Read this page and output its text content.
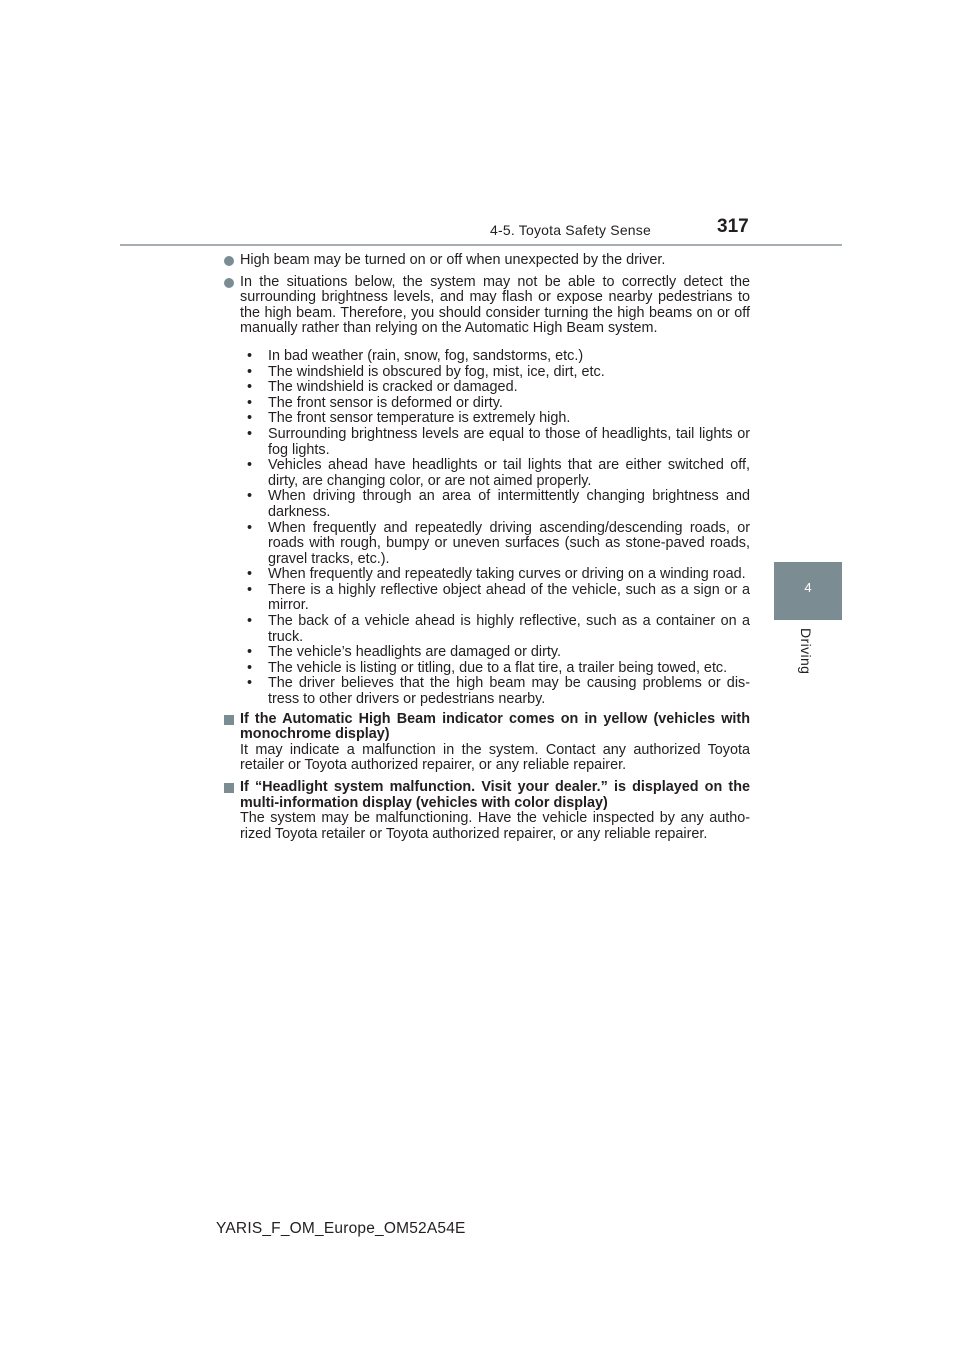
4-5. Toyota Safety Sense	317
4
Driving
High beam may be turned on or off when unexpected by the driver.
In the situations below, the system may not be able to correctly detect the surrounding brightness levels, and may flash or expose nearby pedestrians to the high beam. Therefore, you should consider turning the high beams on or off manually rather than relying on the Automatic High Beam system.
• In bad weather (rain, snow, fog, sandstorms, etc.)
• The windshield is obscured by fog, mist, ice, dirt, etc.
• The windshield is cracked or damaged.
• The front sensor is deformed or dirty.
• The front sensor temperature is extremely high.
• Surrounding brightness levels are equal to those of headlights, tail lights or fog lights.
• Vehicles ahead have headlights or tail lights that are either switched off, dirty, are changing color, or are not aimed properly.
• When driving through an area of intermittently changing brightness and darkness.
• When frequently and repeatedly driving ascending/descending roads, or roads with rough, bumpy or uneven surfaces (such as stone-paved roads, gravel tracks, etc.).
• When frequently and repeatedly taking curves or driving on a winding road.
• There is a highly reflective object ahead of the vehicle, such as a sign or a mirror.
• The back of a vehicle ahead is highly reflective, such as a container on a truck.
• The vehicle’s headlights are damaged or dirty.
• The vehicle is listing or titling, due to a flat tire, a trailer being towed, etc.
• The driver believes that the high beam may be causing problems or dis-tress to other drivers or pedestrians nearby.
If the Automatic High Beam indicator comes on in yellow (vehicles with monochrome display)
It may indicate a malfunction in the system. Contact any authorized Toyota retailer or Toyota authorized repairer, or any reliable repairer.
If “Headlight system malfunction. Visit your dealer.” is displayed on the multi-information display (vehicles with color display)
The system may be malfunctioning. Have the vehicle inspected by any autho-rized Toyota retailer or Toyota authorized repairer, or any reliable repairer.
YARIS_F_OM_Europe_OM52A54E
